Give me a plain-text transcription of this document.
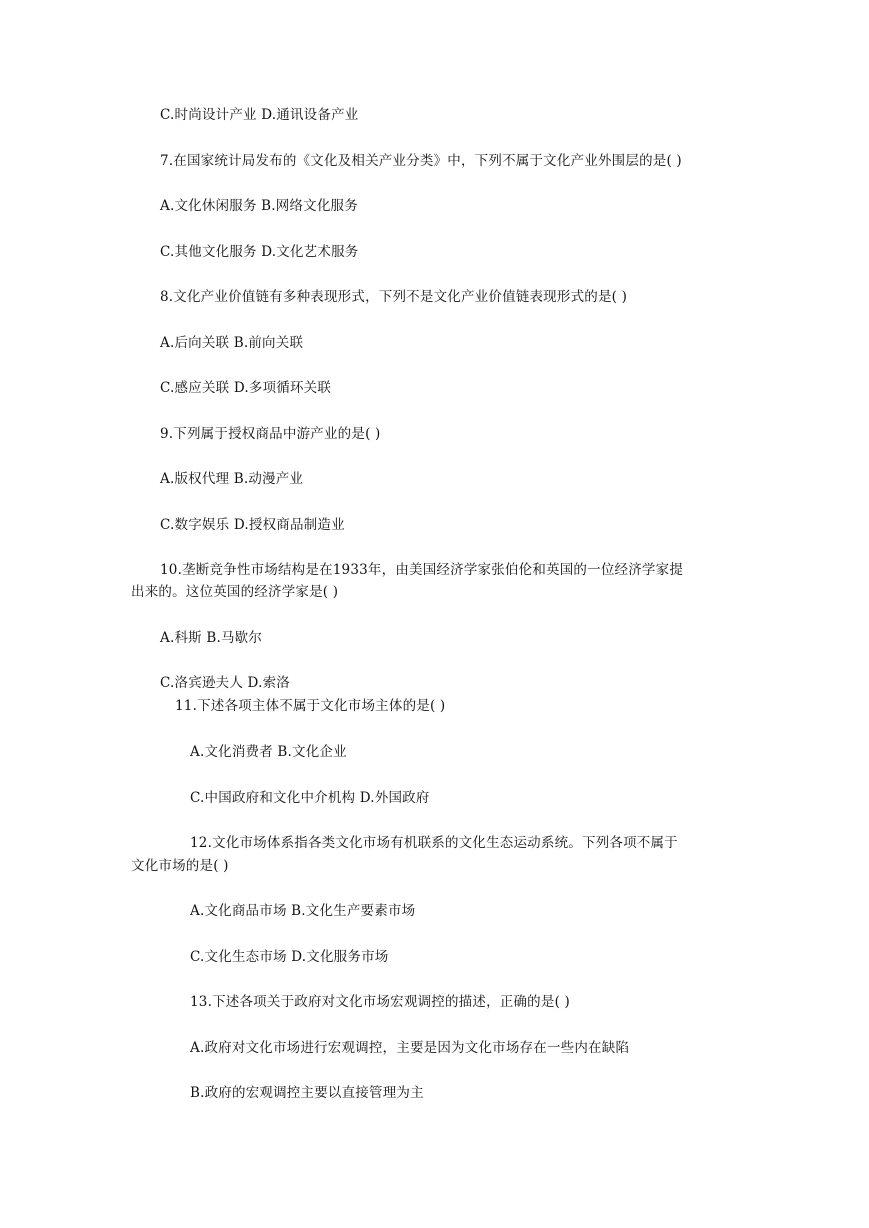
C.时尚设计产业 D.通讯设备产业
7.在国家统计局发布的《文化及相关产业分类》中，下列不属于文化产业外围层的是( )
A.文化休闲服务 B.网络文化服务
C.其他文化服务 D.文化艺术服务
8.文化产业价值链有多种表现形式，下列不是文化产业价值链表现形式的是( )
A.后向关联 B.前向关联
C.感应关联 D.多项循环关联
9.下列属于授权商品中游产业的是( )
A.版权代理 B.动漫产业
C.数字娱乐 D.授权商品制造业
10.垄断竞争性市场结构是在1933年，由美国经济学家张伯伦和英国的一位经济学家提
出来的。这位英国的经济学家是( )
A.科斯 B.马歇尔
C.洛宾逊夫人 D.索洛
11.下述各项主体不属于文化市场主体的是( )
A.文化消费者 B.文化企业
C.中国政府和文化中介机构 D.外国政府
12.文化市场体系指各类文化市场有机联系的文化生态运动系统。下列各项不属于
文化市场的是( )
A.文化商品市场 B.文化生产要素市场
C.文化生态市场 D.文化服务市场
13.下述各项关于政府对文化市场宏观调控的描述，正确的是( )
A.政府对文化市场进行宏观调控，主要是因为文化市场存在一些内在缺陷
B.政府的宏观调控主要以直接管理为主
